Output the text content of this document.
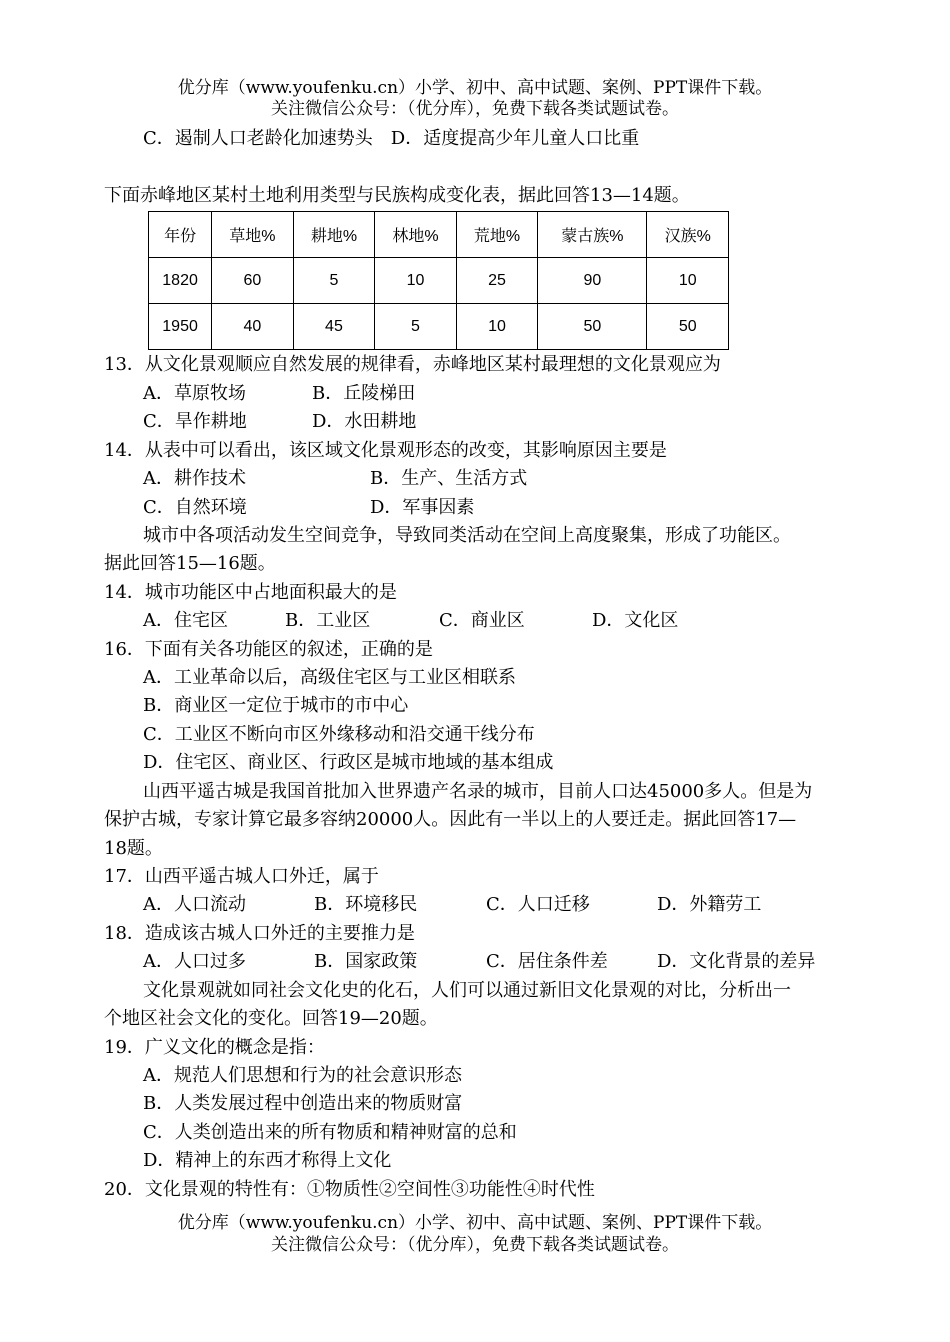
优分库（www.youfenku.cn）小学、初中、高中试题、案例、PPT课件下载。
关注微信公众号：（优分库），免费下载各类试题试卷。
C．遏制人口老龄化加速势头　D．适度提高少年儿童人口比重
下面赤峰地区某村土地利用类型与民族构成变化表，据此回答13—14题。
年份	草地%	耕地%	林地%	荒地%	蒙古族%	汉族%
1820	60	5	10	25	90	10
1950	40	45	5	10	50	50
13．从文化景观顺应自然发展的规律看，赤峰地区某村最理想的文化景观应为
A．草原牧场	B．丘陵梯田
C．旱作耕地	D．水田耕地
14．从表中可以看出，该区域文化景观形态的改变，其影响原因主要是
A．耕作技术	B．生产、生活方式
C．自然环境	D．军事因素
城市中各项活动发生空间竞争，导致同类活动在空间上高度聚集，形成了功能区。
据此回答15—16题。
14．城市功能区中占地面积最大的是
A．住宅区	B．工业区	C．商业区	D．文化区
16．下面有关各功能区的叙述，正确的是
A．工业革命以后，高级住宅区与工业区相联系
B．商业区一定位于城市的市中心
C．工业区不断向市区外缘移动和沿交通干线分布
D．住宅区、商业区、行政区是城市地域的基本组成
山西平遥古城是我国首批加入世界遗产名录的城市，目前人口达45000多人。但是为
保护古城，专家计算它最多容纳20000人。因此有一半以上的人要迁走。据此回答17—
18题。
17．山西平遥古城人口外迁，属于
A．人口流动	B．环境移民	C．人口迁移	D．外籍劳工
18．造成该古城人口外迁的主要推力是
A．人口过多	B．国家政策	C．居住条件差	D．文化背景的差异
文化景观就如同社会文化史的化石，人们可以通过新旧文化景观的对比，分析出一
个地区社会文化的变化。回答19—20题。
19．广义文化的概念是指：
A．规范人们思想和行为的社会意识形态
B．人类发展过程中创造出来的物质财富
C．人类创造出来的所有物质和精神财富的总和
D．精神上的东西才称得上文化
20．文化景观的特性有：①物质性②空间性③功能性④时代性
优分库（www.youfenku.cn）小学、初中、高中试题、案例、PPT课件下载。
关注微信公众号：（优分库），免费下载各类试题试卷。
